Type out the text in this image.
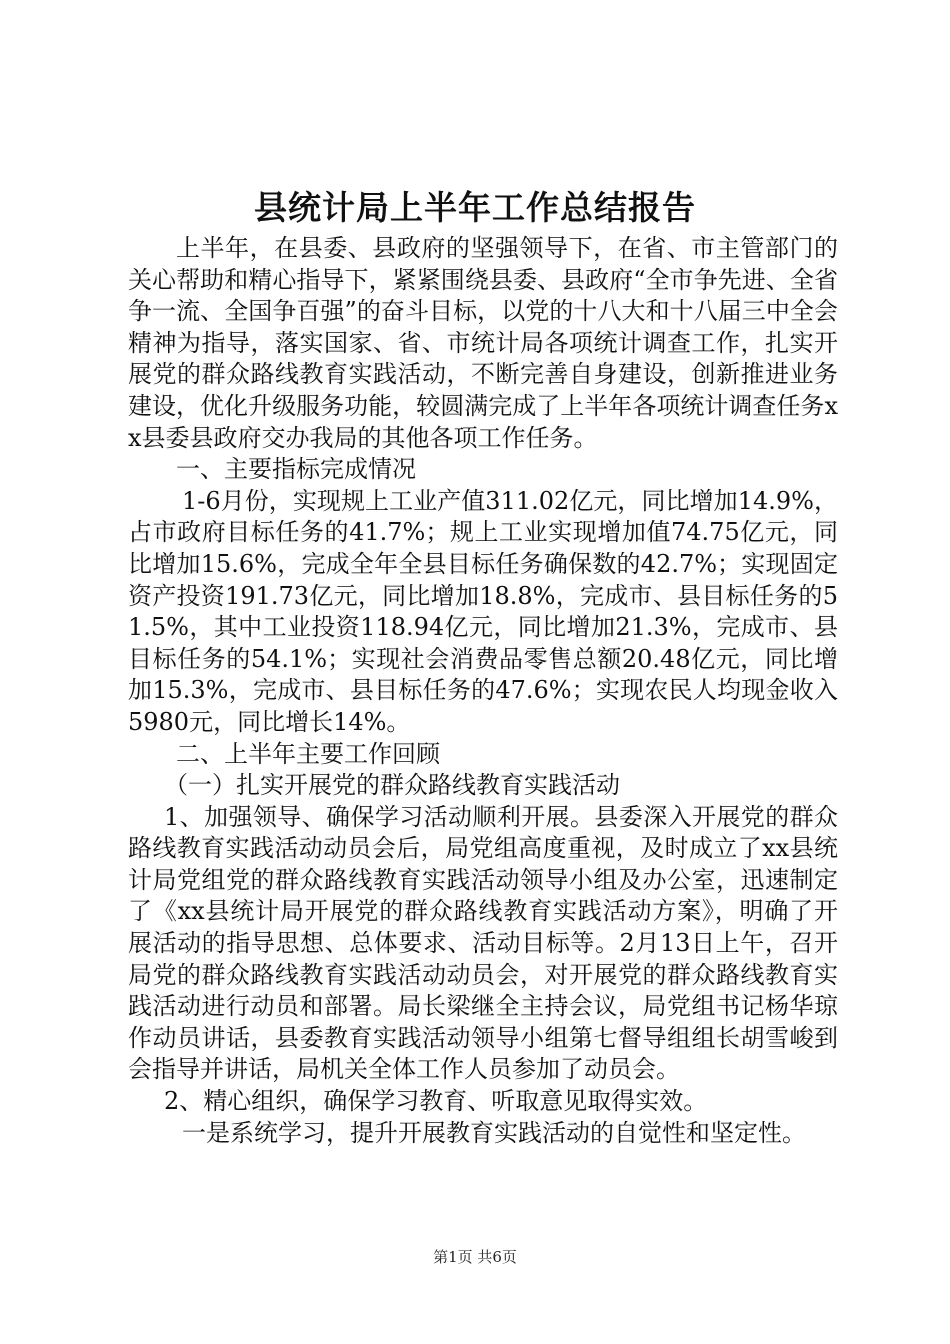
县统计局上半年工作总结报告

上半年，在县委、县政府的坚强领导下，在省、市主管部门的关心帮助和精心指导下，紧紧围绕县委、县政府“全市争先进、全省争一流、全国争百强”的奋斗目标，以党的十八大和十八届三中全会精神为指导，落实国家、省、市统计局各项统计调查工作，扎实开展党的群众路线教育实践活动，不断完善自身建设，创新推进业务建设，优化升级服务功能，较圆满完成了上半年各项统计调查任务xx县委县政府交办我局的其他各项工作任务。

一、主要指标完成情况

1-6月份，实现规上工业产值311.02亿元，同比增加14.9%，占市政府目标任务的41.7%；规上工业实现增加值74.75亿元，同比增加15.6%，完成全年全县目标任务确保数的42.7%；实现固定资产投资191.73亿元，同比增加18.8%，完成市、县目标任务的51.5%，其中工业投资118.94亿元，同比增加21.3%，完成市、县目标任务的54.1%；实现社会消费品零售总额20.48亿元，同比增加15.3%，完成市、县目标任务的47.6%；实现农民人均现金收入5980元，同比增长14%。

二、上半年主要工作回顾

（一）扎实开展党的群众路线教育实践活动

1、加强领导、确保学习活动顺利开展。县委深入开展党的群众路线教育实践活动动员会后，局党组高度重视，及时成立了xx县统计局党组党的群众路线教育实践活动领导小组及办公室，迅速制定了《xx县统计局开展党的群众路线教育实践活动方案》，明确了开展活动的指导思想、总体要求、活动目标等。2月13日上午，召开局党的群众路线教育实践活动动员会，对开展党的群众路线教育实践活动进行动员和部署。局长梁继全主持会议，局党组书记杨华琼作动员讲话，县委教育实践活动领导小组第七督导组组长胡雪峻到会指导并讲话，局机关全体工作人员参加了动员会。

2、精心组织，确保学习教育、听取意见取得实效。

一是系统学习，提升开展教育实践活动的自觉性和坚定性。

第1页 共6页
